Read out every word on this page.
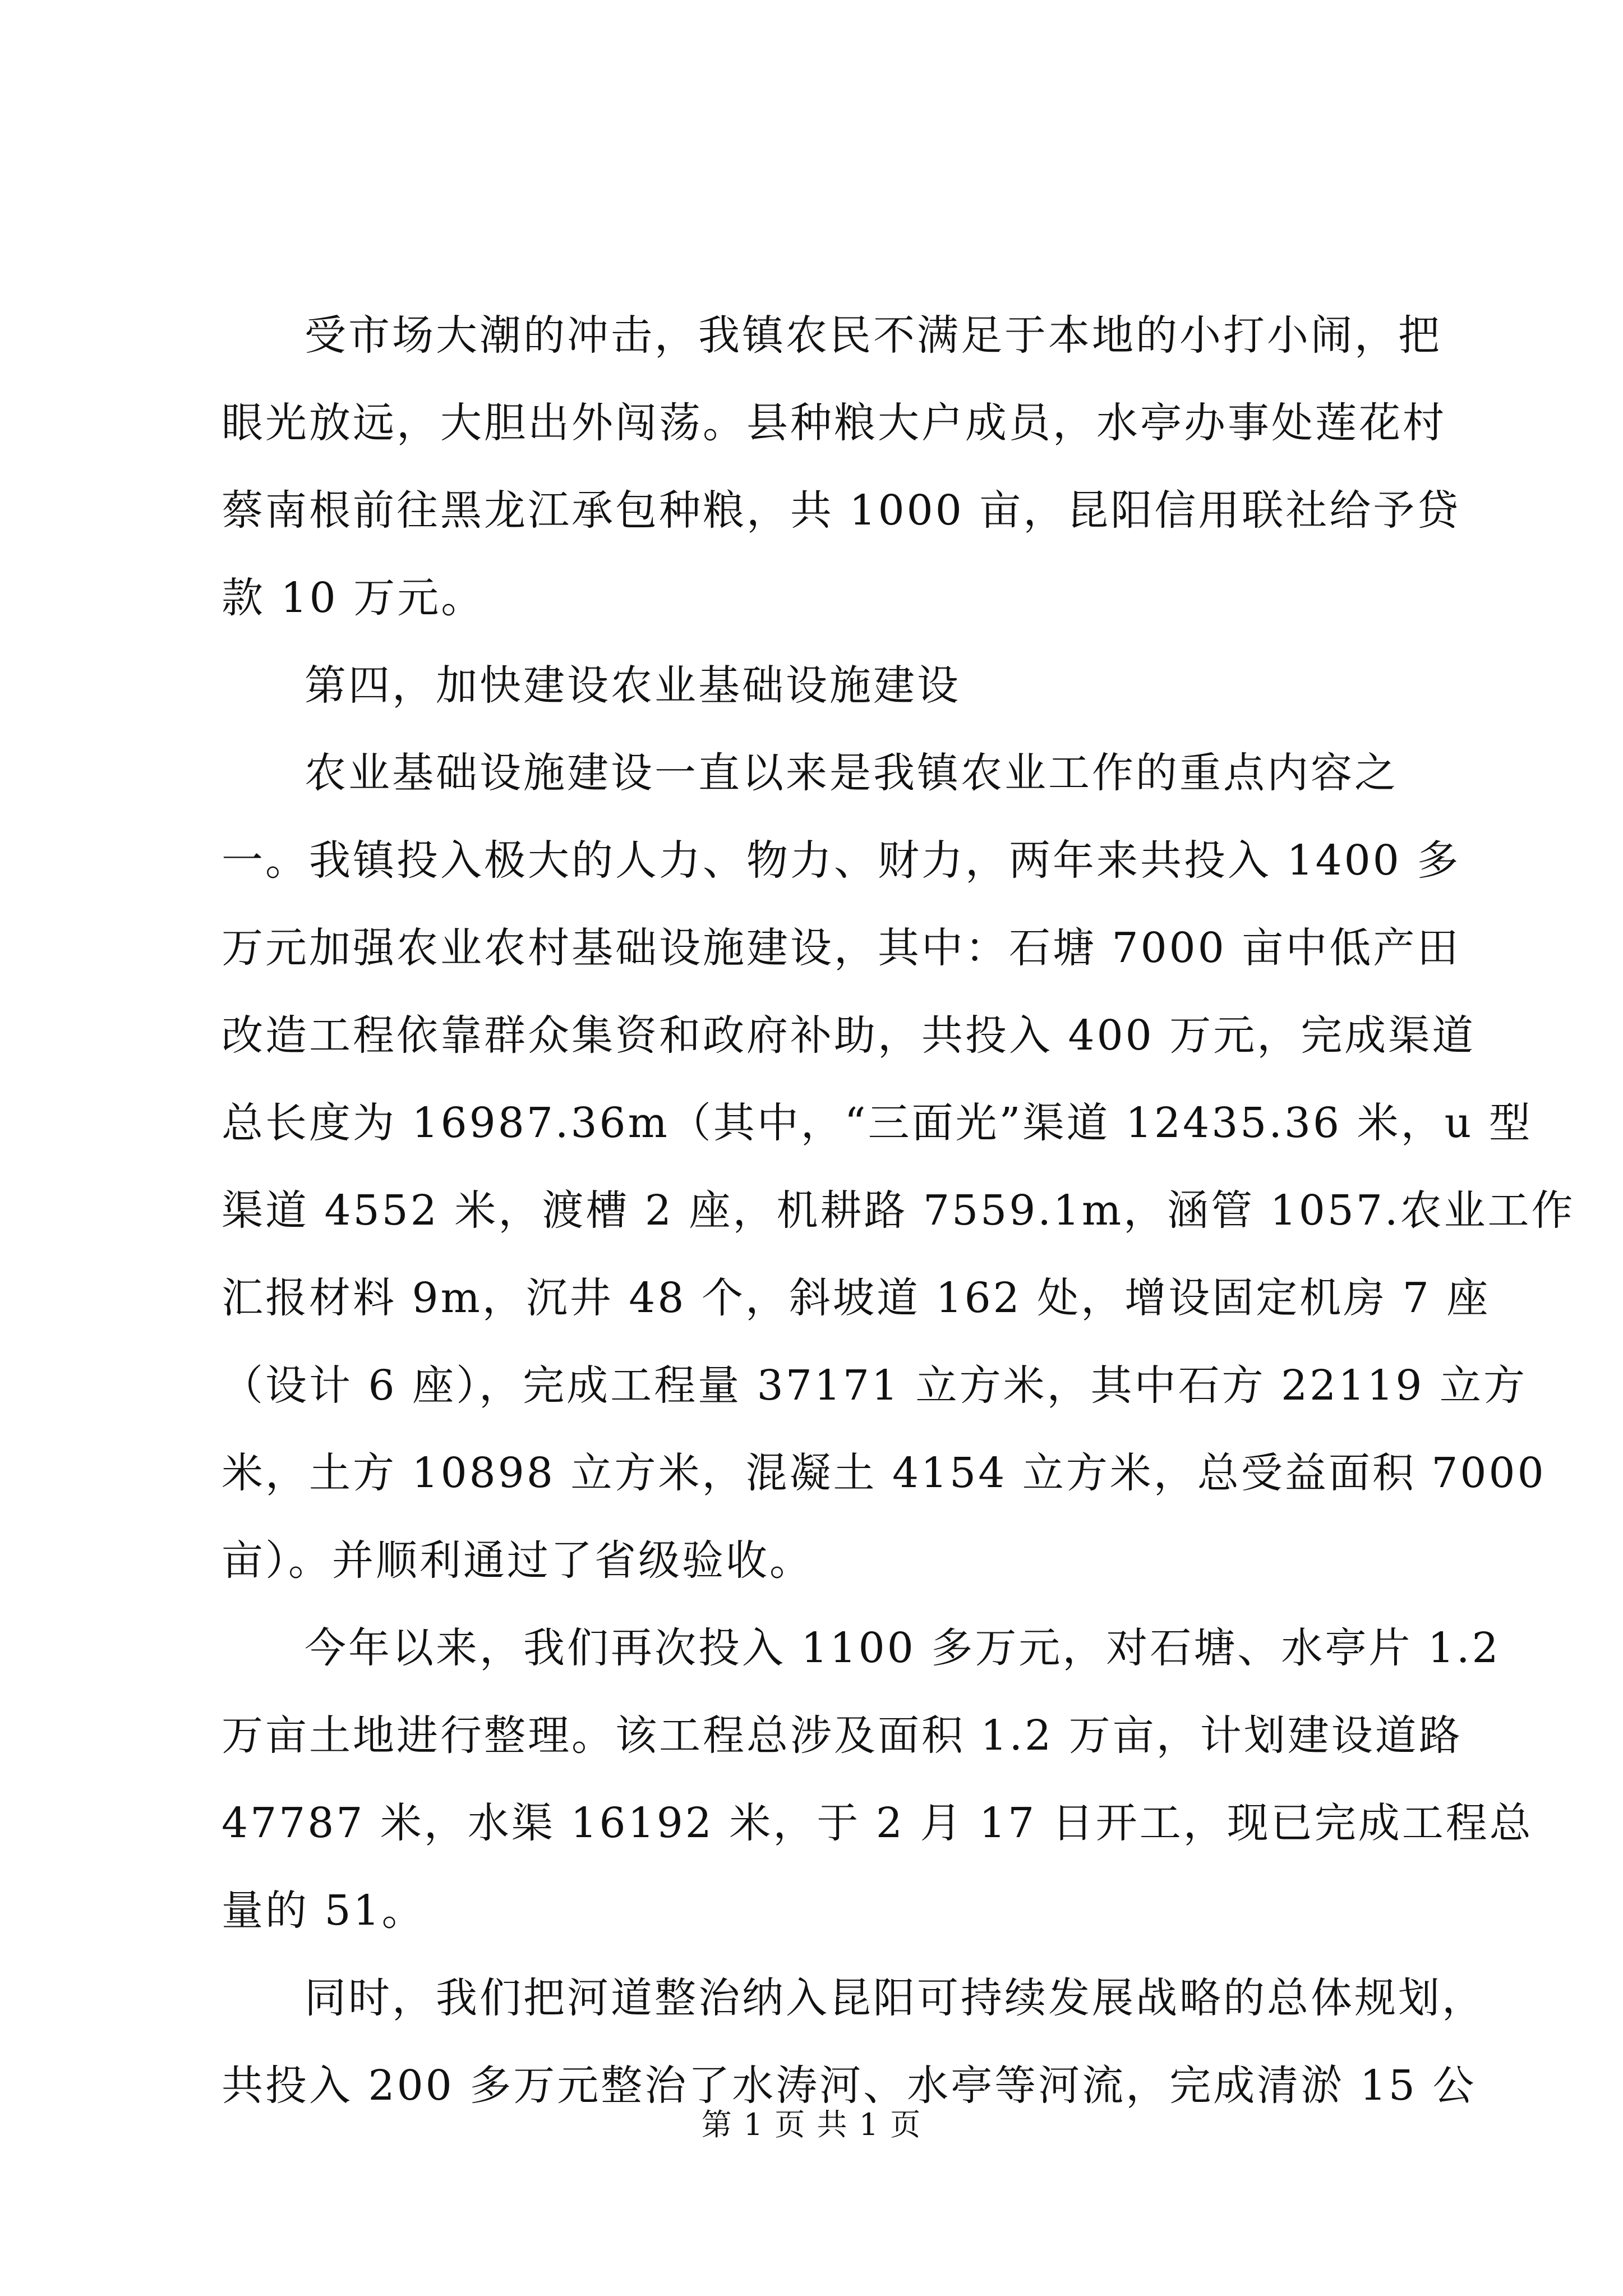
受市场大潮的冲击，我镇农民不满足于本地的小打小闹，把
眼光放远，大胆出外闯荡。县种粮大户成员，水亭办事处莲花村
蔡南根前往黑龙江承包种粮，共 1000 亩，昆阳信用联社给予贷
款 10 万元。
第四，加快建设农业基础设施建设
农业基础设施建设一直以来是我镇农业工作的重点内容之
一。我镇投入极大的人力、物力、财力，两年来共投入 1400 多
万元加强农业农村基础设施建设，其中：石塘 7000 亩中低产田
改造工程依靠群众集资和政府补助，共投入 400 万元，完成渠道
总长度为 16987.36m（其中，“三面光”渠道 12435.36 米，u 型
渠道 4552 米，渡槽 2 座，机耕路 7559.1m，涵管 1057.农业工作
汇报材料 9m，沉井 48 个，斜坡道 162 处，增设固定机房 7 座
（设计 6 座），完成工程量 37171 立方米，其中石方 22119 立方
米，土方 10898 立方米，混凝土 4154 立方米，总受益面积 7000
亩）。并顺利通过了省级验收。
今年以来，我们再次投入 1100 多万元，对石塘、水亭片 1.2
万亩土地进行整理。该工程总涉及面积 1.2 万亩，计划建设道路
47787 米，水渠 16192 米，于 2 月 17 日开工，现已完成工程总
量的 51。
同时，我们把河道整治纳入昆阳可持续发展战略的总体规划，
共投入 200 多万元整治了水涛河、水亭等河流，完成清淤 15 公
第 1 页 共 1 页
